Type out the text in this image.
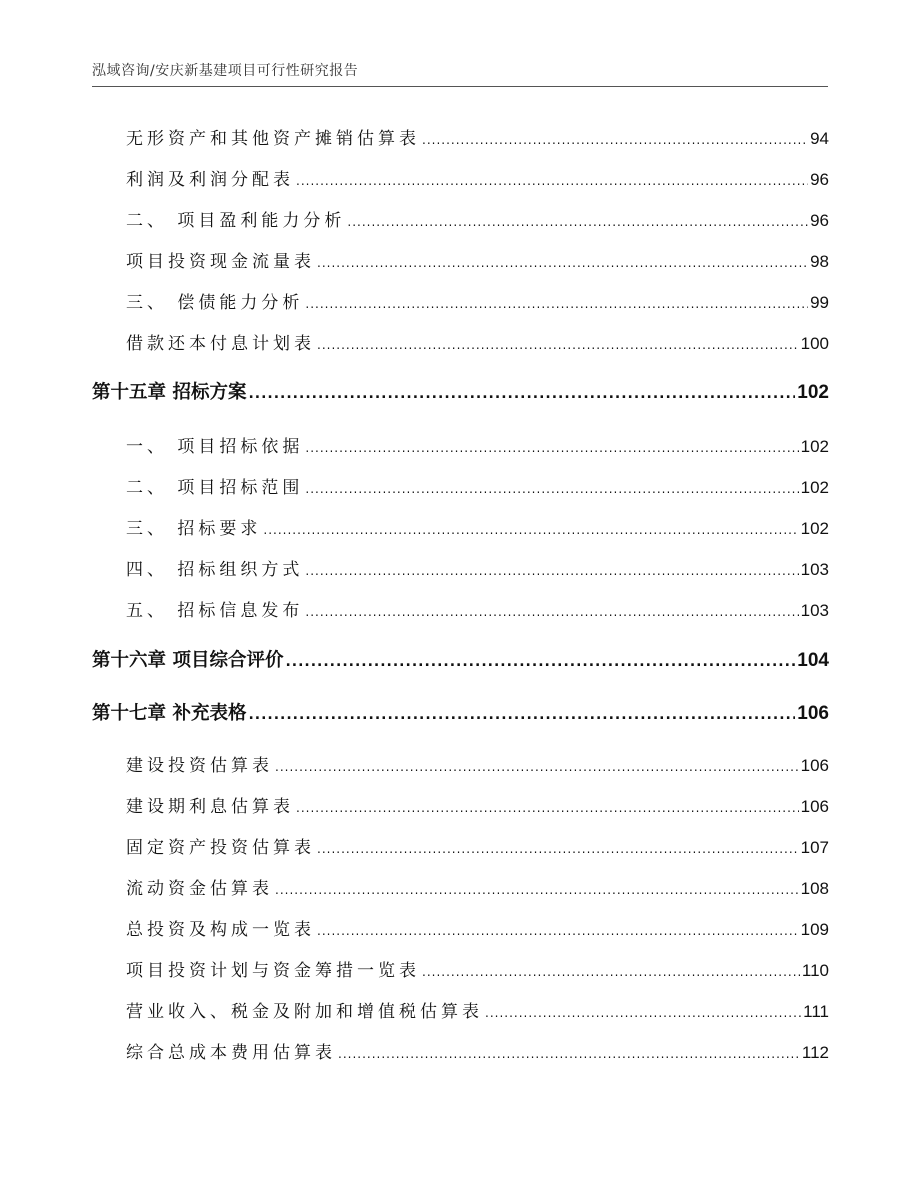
泓域咨询/安庆新基建项目可行性研究报告
无形资产和其他资产摊销估算表 .....	94
利润及利润分配表 .....	96
二、 项目盈利能力分析 .....	96
项目投资现金流量表 .....	98
三、 偿债能力分析 .....	99
借款还本付息计划表 .....	100
第十五章 招标方案 .....	102
一、 项目招标依据 .....	102
二、 项目招标范围 .....	102
三、 招标要求 .....	102
四、 招标组织方式 .....	103
五、 招标信息发布 .....	103
第十六章 项目综合评价 .....	104
第十七章 补充表格 .....	106
建设投资估算表 .....	106
建设期利息估算表 .....	106
固定资产投资估算表 .....	107
流动资金估算表 .....	108
总投资及构成一览表 .....	109
项目投资计划与资金筹措一览表 .....	110
营业收入、税金及附加和增值税估算表 .....	111
综合总成本费用估算表 .....	112
